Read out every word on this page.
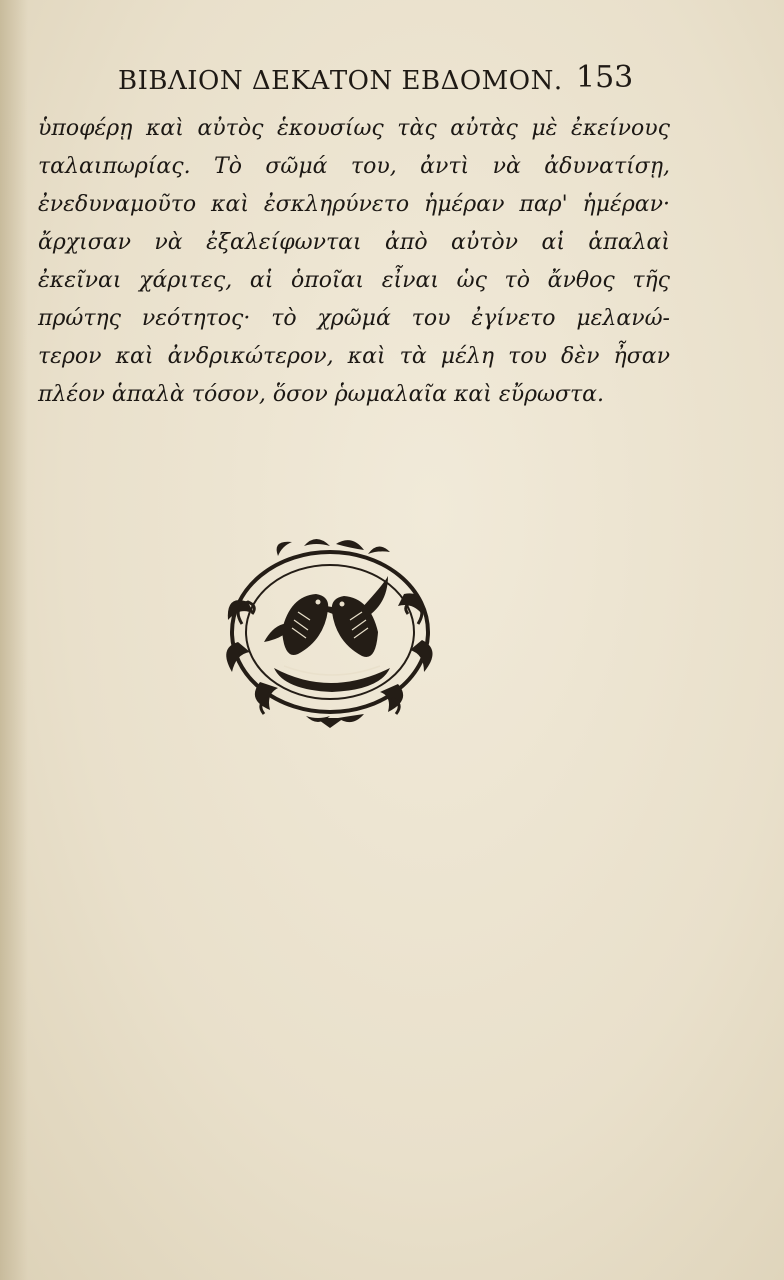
ΒΙΒΛΙΟΝ ΔΕΚΑΤΟΝ ΕΒΔΟΜΟΝ. 153
ὑποφέρῃ καὶ αὐτὸς ἑκουσίως τὰς αὐτὰς μὲ ἐκείνους
ταλαιπωρίας. Τὸ σῶμά του, ἀντὶ νὰ ἀδυνατίσῃ,
ἐνεδυναμοῦτο καὶ ἐσκληρύνετο ἡμέραν παρ' ἡμέραν·
ἄρχισαν νὰ ἐξαλείφωνται ἀπὸ αὐτὸν αἱ ἁπαλαὶ
ἐκεῖναι χάριτες, αἱ ὁποῖαι εἶναι ὡς τὸ ἄνθος τῆς
πρώτης νεότητος· τὸ χρῶμά του ἐγίνετο μελανώ-
τερον καὶ ἀνδρικώτερον, καὶ τὰ μέλη του δὲν ἦσαν
πλέον ἁπαλὰ τόσον, ὅσον ῥωμαλαῖα καὶ εὔρωστα.
